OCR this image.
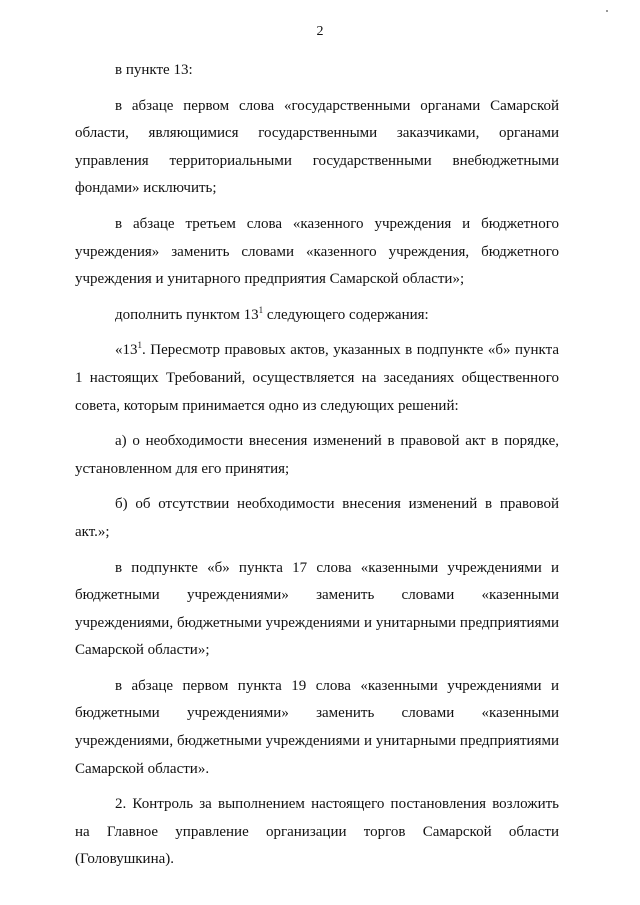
2

в пункте 13:

в абзаце первом слова «государственными органами Самарской области, являющимися государственными заказчиками, органами управления территориальными государственными внебюджетными фондами» исключить;

в абзаце третьем слова «казенного учреждения и бюджетного учреждения» заменить словами «казенного учреждения, бюджетного учреждения и унитарного предприятия Самарской области»;

дополнить пунктом $13^1$ следующего содержания:

«$13^1$. Пересмотр правовых актов, указанных в подпункте «б» пункта 1 настоящих Требований, осуществляется на заседаниях общественного совета, которым принимается одно из следующих решений:

а) о необходимости внесения изменений в правовой акт в порядке, установленном для его принятия;

б) об отсутствии необходимости внесения изменений в правовой акт.»;

в подпункте «б» пункта 17 слова «казенными учреждениями и бюджетными учреждениями» заменить словами «казенными учреждениями, бюджетными учреждениями и унитарными предприятиями Самарской области»;

в абзаце первом пункта 19 слова «казенными учреждениями и бюджетными учреждениями» заменить словами «казенными учреждениями, бюджетными учреждениями и унитарными предприятиями Самарской области».

2. Контроль за выполнением настоящего постановления возложить на Главное управление организации торгов Самарской области (Головушкина).
